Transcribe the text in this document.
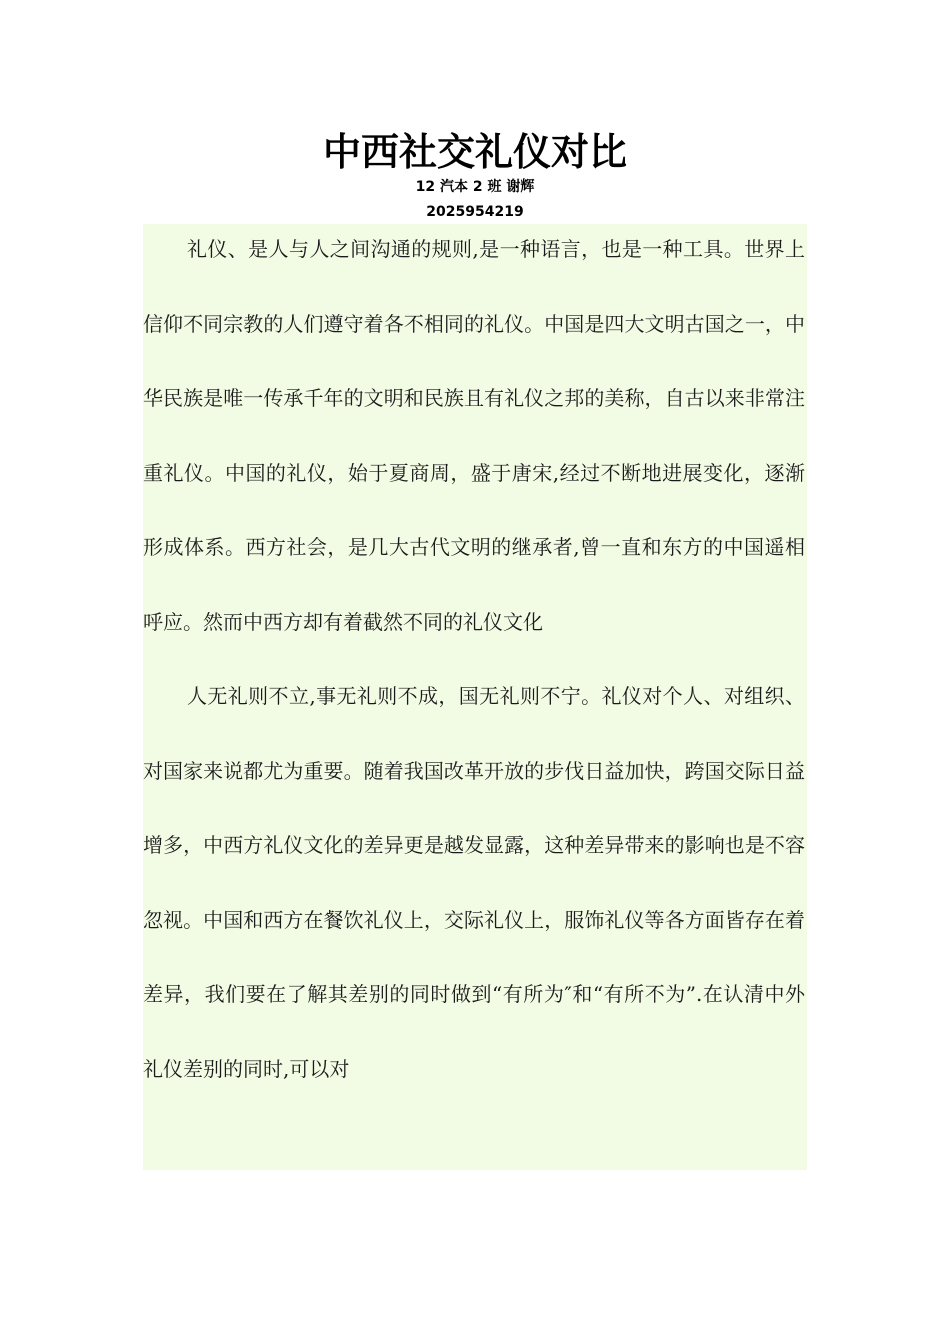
中西社交礼仪对比
12 汽本 2 班 谢辉
2025954219

礼仪、是人与人之间沟通的规则,是一种语言，也是一种工具。世界上信仰不同宗教的人们遵守着各不相同的礼仪。中国是四大文明古国之一，中华民族是唯一传承千年的文明和民族且有礼仪之邦的美称，自古以来非常注重礼仪。中国的礼仪，始于夏商周，盛于唐宋,经过不断地进展变化，逐渐形成体系。西方社会，是几大古代文明的继承者,曾一直和东方的中国遥相呼应。然而中西方却有着截然不同的礼仪文化

人无礼则不立,事无礼则不成，国无礼则不宁。礼仪对个人、对组织、对国家来说都尤为重要。随着我国改革开放的步伐日益加快，跨国交际日益增多，中西方礼仪文化的差异更是越发显露，这种差异带来的影响也是不容忽视。中国和西方在餐饮礼仪上，交际礼仪上，服饰礼仪等各方面皆存在着差异，我们要在了解其差别的同时做到“有所为″和“有所不为”.在认清中外礼仪差别的同时,可以对
